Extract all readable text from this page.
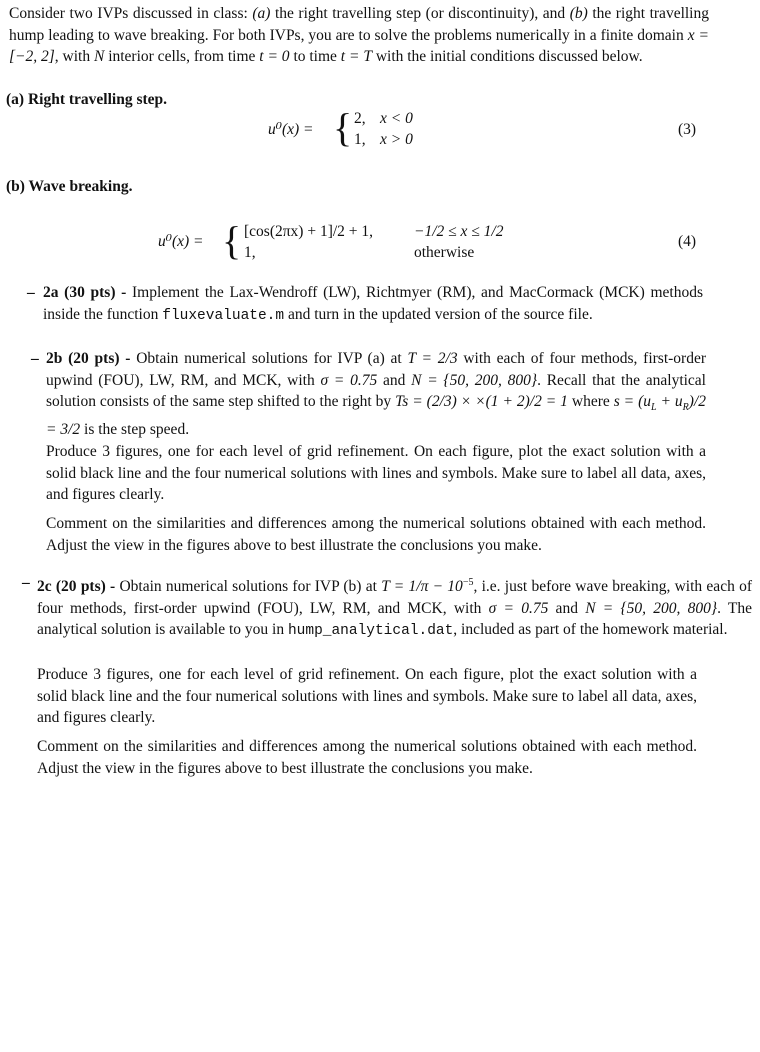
Consider two IVPs discussed in class: (a) the right travelling step (or discontinuity), and (b) the right travelling hump leading to wave breaking. For both IVPs, you are to solve the problems numerically in a finite domain x = [−2, 2], with N interior cells, from time t = 0 to time t = T with the initial conditions discussed below.
(a) Right travelling step.
u⁰(x) = { 2, x < 0
1, x > 0
(3)
(b) Wave breaking.
u⁰(x) = { [cos(2πx) + 1]/2 + 1,	−1/2 ≤ x ≤ 1/2
1,	otherwise
(4)
– 2a (30 pts) - Implement the Lax-Wendroff (LW), Richtmyer (RM), and MacCormack (MCK) methods inside the function fluxevaluate.m and turn in the updated version of the source file.
– 2b (20 pts) - Obtain numerical solutions for IVP (a) at T = 2/3 with each of four methods, first-order upwind (FOU), LW, RM, and MCK, with σ = 0.75 and N = {50, 200, 800}. Recall that the analytical solution consists of the same step shifted to the right by Ts = (2/3) × ×(1 + 2)/2 = 1 where $s = (u_L + u_R)/2 = 3/2$ is the step speed.
Produce 3 figures, one for each level of grid refinement. On each figure, plot the exact solution with a solid black line and the four numerical solutions with lines and symbols. Make sure to label all data, axes, and figures clearly.
Comment on the similarities and differences among the numerical solutions obtained with each method. Adjust the view in the figures above to best illustrate the conclusions you make.
– 2c (20 pts) - Obtain numerical solutions for IVP (b) at $T = 1/\pi - 10^{-5}$, i.e. just before wave breaking, with each of four methods, first-order upwind (FOU), LW, RM, and MCK, with σ = 0.75 and N = {50, 200, 800}. The analytical solution is available to you in hump_analytical.dat, included as part of the homework material.
Produce 3 figures, one for each level of grid refinement. On each figure, plot the exact solution with a solid black line and the four numerical solutions with lines and symbols. Make sure to label all data, axes, and figures clearly.
Comment on the similarities and differences among the numerical solutions obtained with each method. Adjust the view in the figures above to best illustrate the conclusions you make.
